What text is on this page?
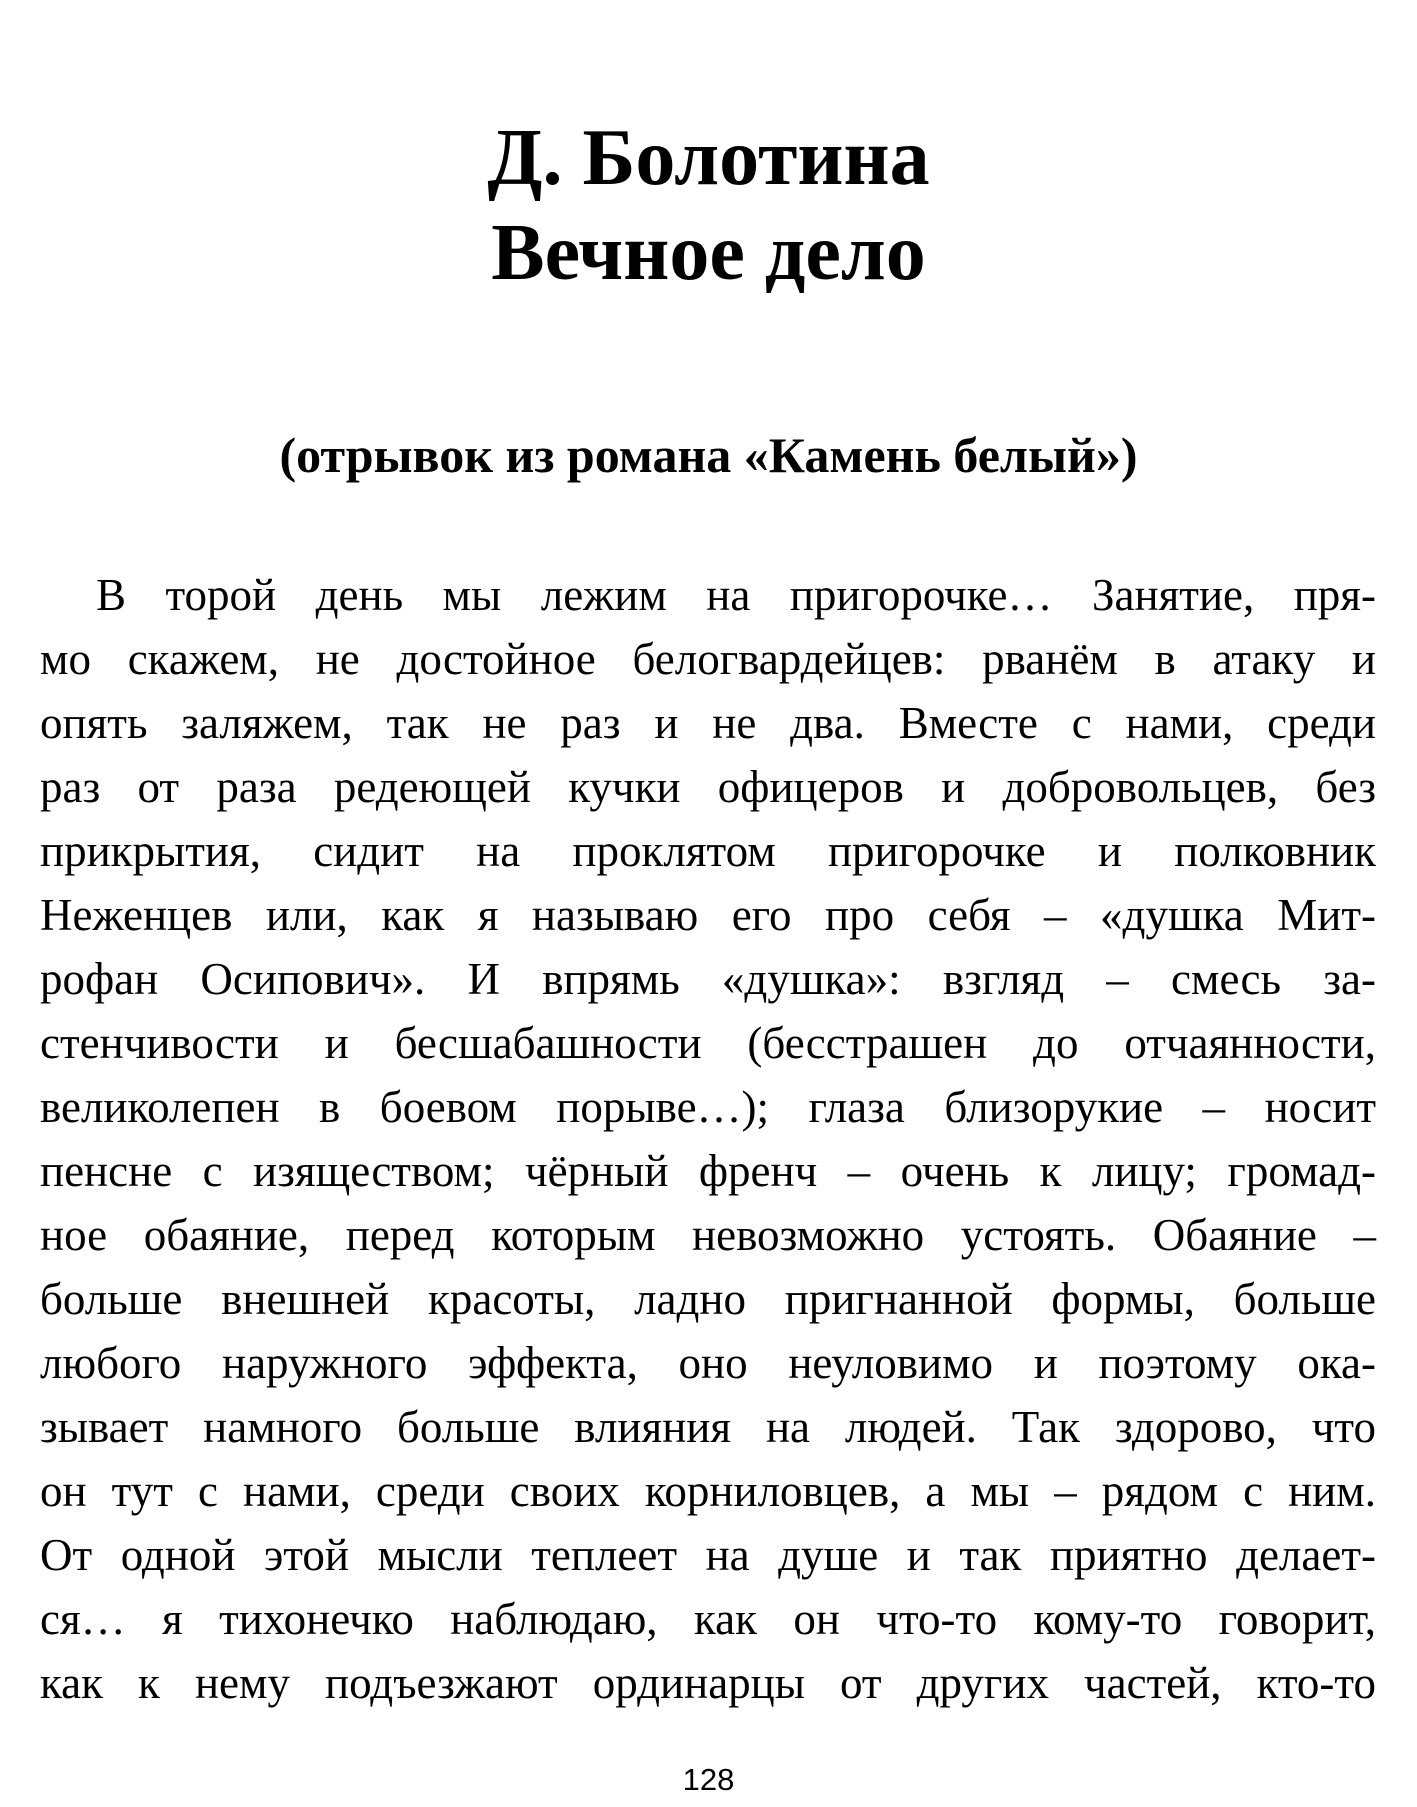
Д. Болотина
Вечное дело
(отрывок из романа «Камень белый»)
В торой день мы лежим на пригорочке… Занятие, пря-
мо скажем, не достойное белогвардейцев: рванём в атаку и
опять заляжем, так не раз и не два. Вместе с нами, среди
раз от раза редеющей кучки офицеров и добровольцев, без
прикрытия, сидит на проклятом пригорочке и полковник
Неженцев или, как я называю его про себя – «душка Мит-
рофан Осипович». И впрямь «душка»: взгляд – смесь за-
стенчивости и бесшабашности (бесстрашен до отчаянности,
великолепен в боевом порыве…); глаза близорукие – носит
пенсне с изяществом; чёрный френч – очень к лицу; громад-
ное обаяние, перед которым невозможно устоять. Обаяние –
больше внешней красоты, ладно пригнанной формы, больше
любого наружного эффекта, оно неуловимо и поэтому ока-
зывает намного больше влияния на людей. Так здорово, что
он тут с нами, среди своих корниловцев, а мы – рядом с ним.
От одной этой мысли теплеет на душе и так приятно делает-
ся… я тихонечко наблюдаю, как он что-то кому-то говорит,
как к нему подъезжают ординарцы от других частей, кто-то
128
